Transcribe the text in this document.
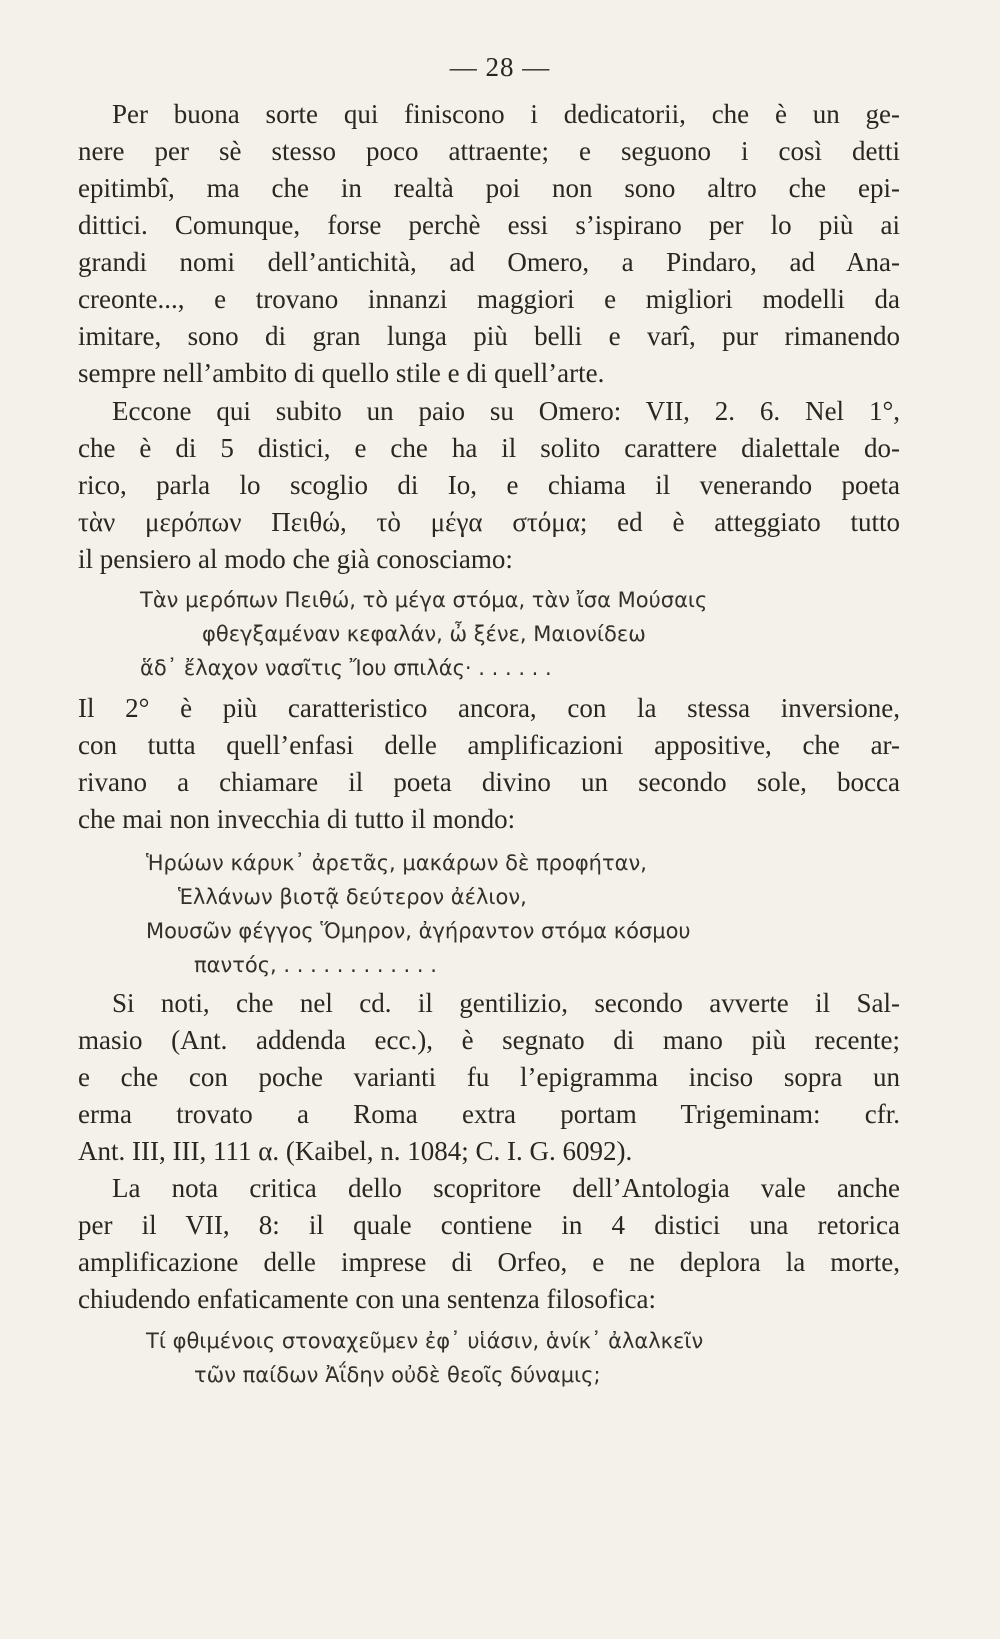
— 28 —
Per buona sorte qui finiscono i dedicatorii, che è un ge-
nere per sè stesso poco attraente; e seguono i così detti
epitimbî, ma che in realtà poi non sono altro che epi-
dittici. Comunque, forse perchè essi s’ispirano per lo più ai
grandi nomi dell’antichità, ad Omero, a Pindaro, ad Ana-
creonte..., e trovano innanzi maggiori e migliori modelli da
imitare, sono di gran lunga più belli e varî, pur rimanendo
sempre nell’ambito di quello stile e di quell’arte.
Eccone qui subito un paio su Omero: VII, 2. 6. Nel 1°,
che è di 5 distici, e che ha il solito carattere dialettale do-
rico, parla lo scoglio di Io, e chiama il venerando poeta
τὰν μερόπων Πειθώ, τὸ μέγα στόμα; ed è atteggiato tutto
il pensiero al modo che già conosciamo:
Τὰν μερόπων Πειθώ, τὸ μέγα στόμα, τὰν ἴσα Μούσαις
φθεγξαμέναν κεφαλάν, ὦ ξένε, Μαιονίδεω
ἅδ᾿ ἔλαχον νασῖτις Ἴου σπιλάς· . . . . . .
Il 2° è più caratteristico ancora, con la stessa inversione,
con tutta quell’enfasi delle amplificazioni appositive, che ar-
rivano a chiamare il poeta divino un secondo sole, bocca
che mai non invecchia di tutto il mondo:
Ἡρώων κάρυκ᾿ ἀρετᾶς, μακάρων δὲ προφήταν,
Ἑλλάνων βιοτᾷ δεύτερον ἀέλιον,
Μουσῶν φέγγος Ὅμηρον, ἀγήραντον στόμα κόσμου
παντός, . . . . . . . . . . . .
Si noti, che nel cd. il gentilizio, secondo avverte il Sal-
masio (Ant. addenda ecc.), è segnato di mano più recente;
e che con poche varianti fu l’epigramma inciso sopra un
erma trovato a Roma extra portam Trigeminam: cfr.
Ant. III, III, 111 α. (Kaibel, n. 1084; C. I. G. 6092).
La nota critica dello scopritore dell’Antologia vale anche
per il VII, 8: il quale contiene in 4 distici una retorica
amplificazione delle imprese di Orfeo, e ne deplora la morte,
chiudendo enfaticamente con una sentenza filosofica:
Τί φθιμένοις στοναχεῦμεν ἐφ᾿ υἱάσιν, ἁνίκ᾿ ἀλαλκεῖν
τῶν παίδων Ἀΐδην οὐδὲ θεοῖς δύναμις;
